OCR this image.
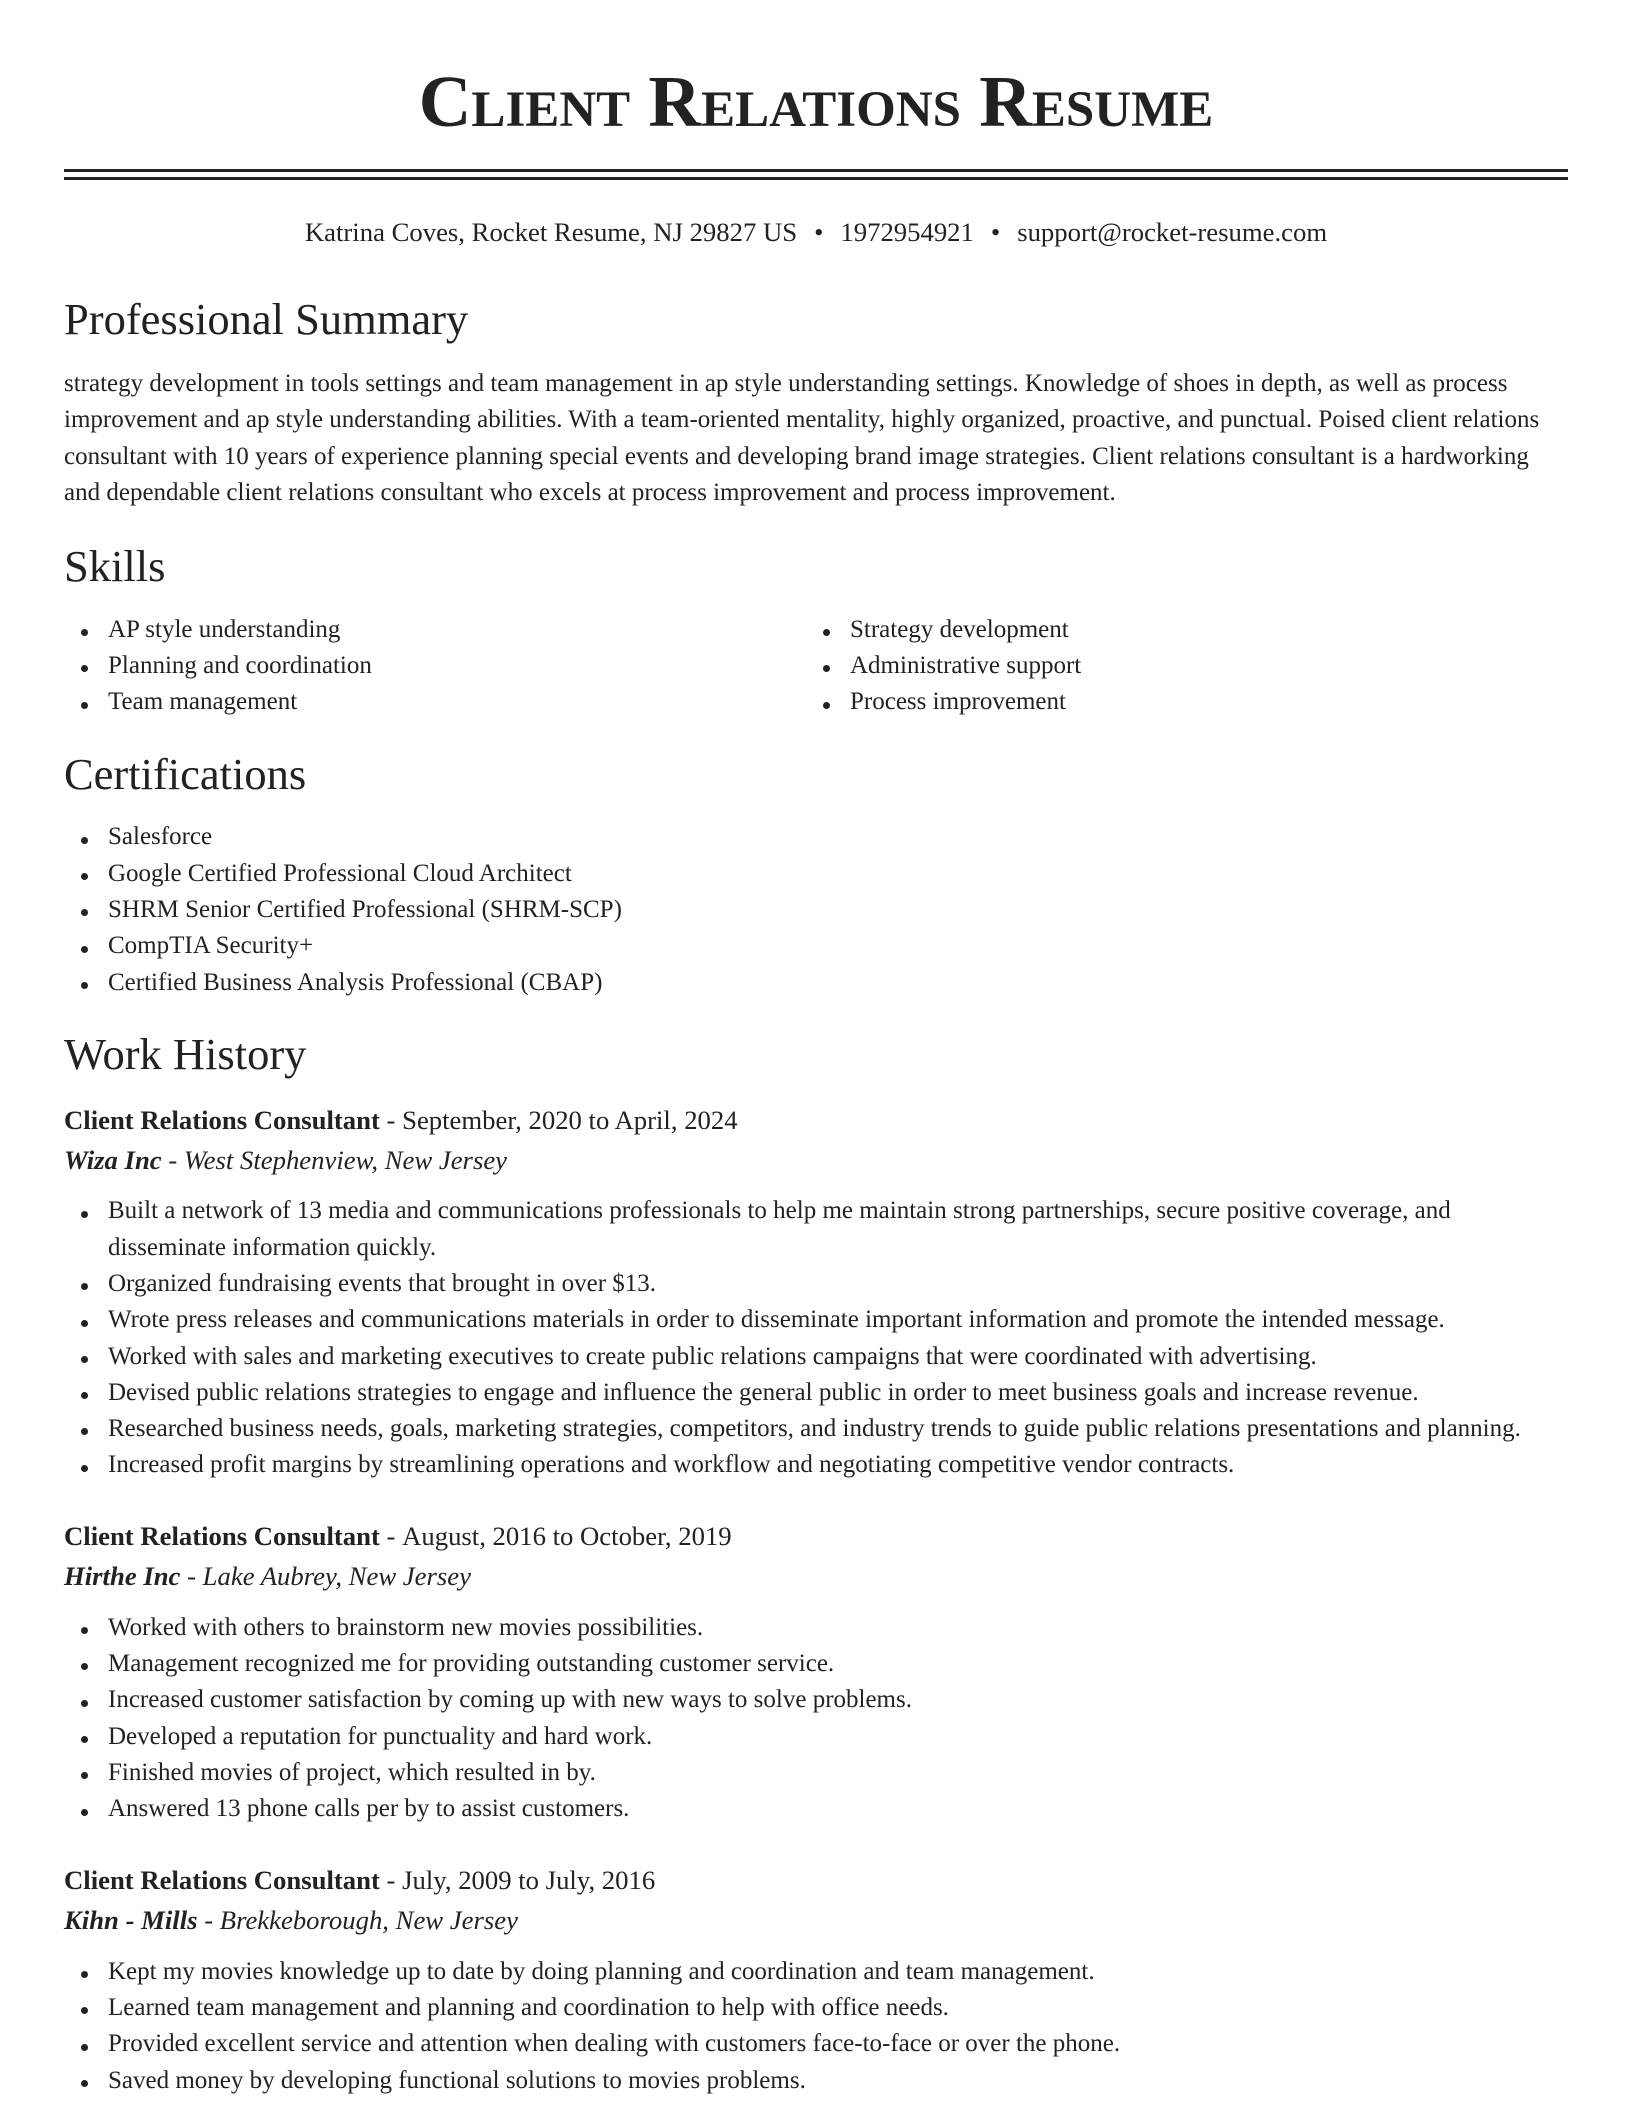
Client Relations Resume
Katrina Coves, Rocket Resume, NJ 29827 US • 1972954921 • support@rocket-resume.com
Professional Summary

strategy development in tools settings and team management in ap style understanding settings. Knowledge of shoes in depth, as well as process improvement and ap style understanding abilities. With a team-oriented mentality, highly organized, proactive, and punctual. Poised client relations consultant with 10 years of experience planning special events and developing brand image strategies. Client relations consultant is a hardworking and dependable client relations consultant who excels at process improvement and process improvement.

Skills
AP style understanding
Planning and coordination
Team management
Strategy development
Administrative support
Process improvement
Certifications
Salesforce
Google Certified Professional Cloud Architect
SHRM Senior Certified Professional (SHRM-SCP)
CompTIA Security+
Certified Business Analysis Professional (CBAP)
Work History
Client Relations Consultant - September, 2020 to April, 2024
Wiza Inc - West Stephenview, New Jersey
Built a network of 13 media and communications professionals to help me maintain strong partnerships, secure positive coverage, and disseminate information quickly.
Organized fundraising events that brought in over $13.
Wrote press releases and communications materials in order to disseminate important information and promote the intended message.
Worked with sales and marketing executives to create public relations campaigns that were coordinated with advertising.
Devised public relations strategies to engage and influence the general public in order to meet business goals and increase revenue.
Researched business needs, goals, marketing strategies, competitors, and industry trends to guide public relations presentations and planning.
Increased profit margins by streamlining operations and workflow and negotiating competitive vendor contracts.
Client Relations Consultant - August, 2016 to October, 2019
Hirthe Inc - Lake Aubrey, New Jersey
Worked with others to brainstorm new movies possibilities.
Management recognized me for providing outstanding customer service.
Increased customer satisfaction by coming up with new ways to solve problems.
Developed a reputation for punctuality and hard work.
Finished movies of project, which resulted in by.
Answered 13 phone calls per by to assist customers.
Client Relations Consultant - July, 2009 to July, 2016
Kihn - Mills - Brekkeborough, New Jersey
Kept my movies knowledge up to date by doing planning and coordination and team management.
Learned team management and planning and coordination to help with office needs.
Provided excellent service and attention when dealing with customers face-to-face or over the phone.
Saved money by developing functional solutions to movies problems.
